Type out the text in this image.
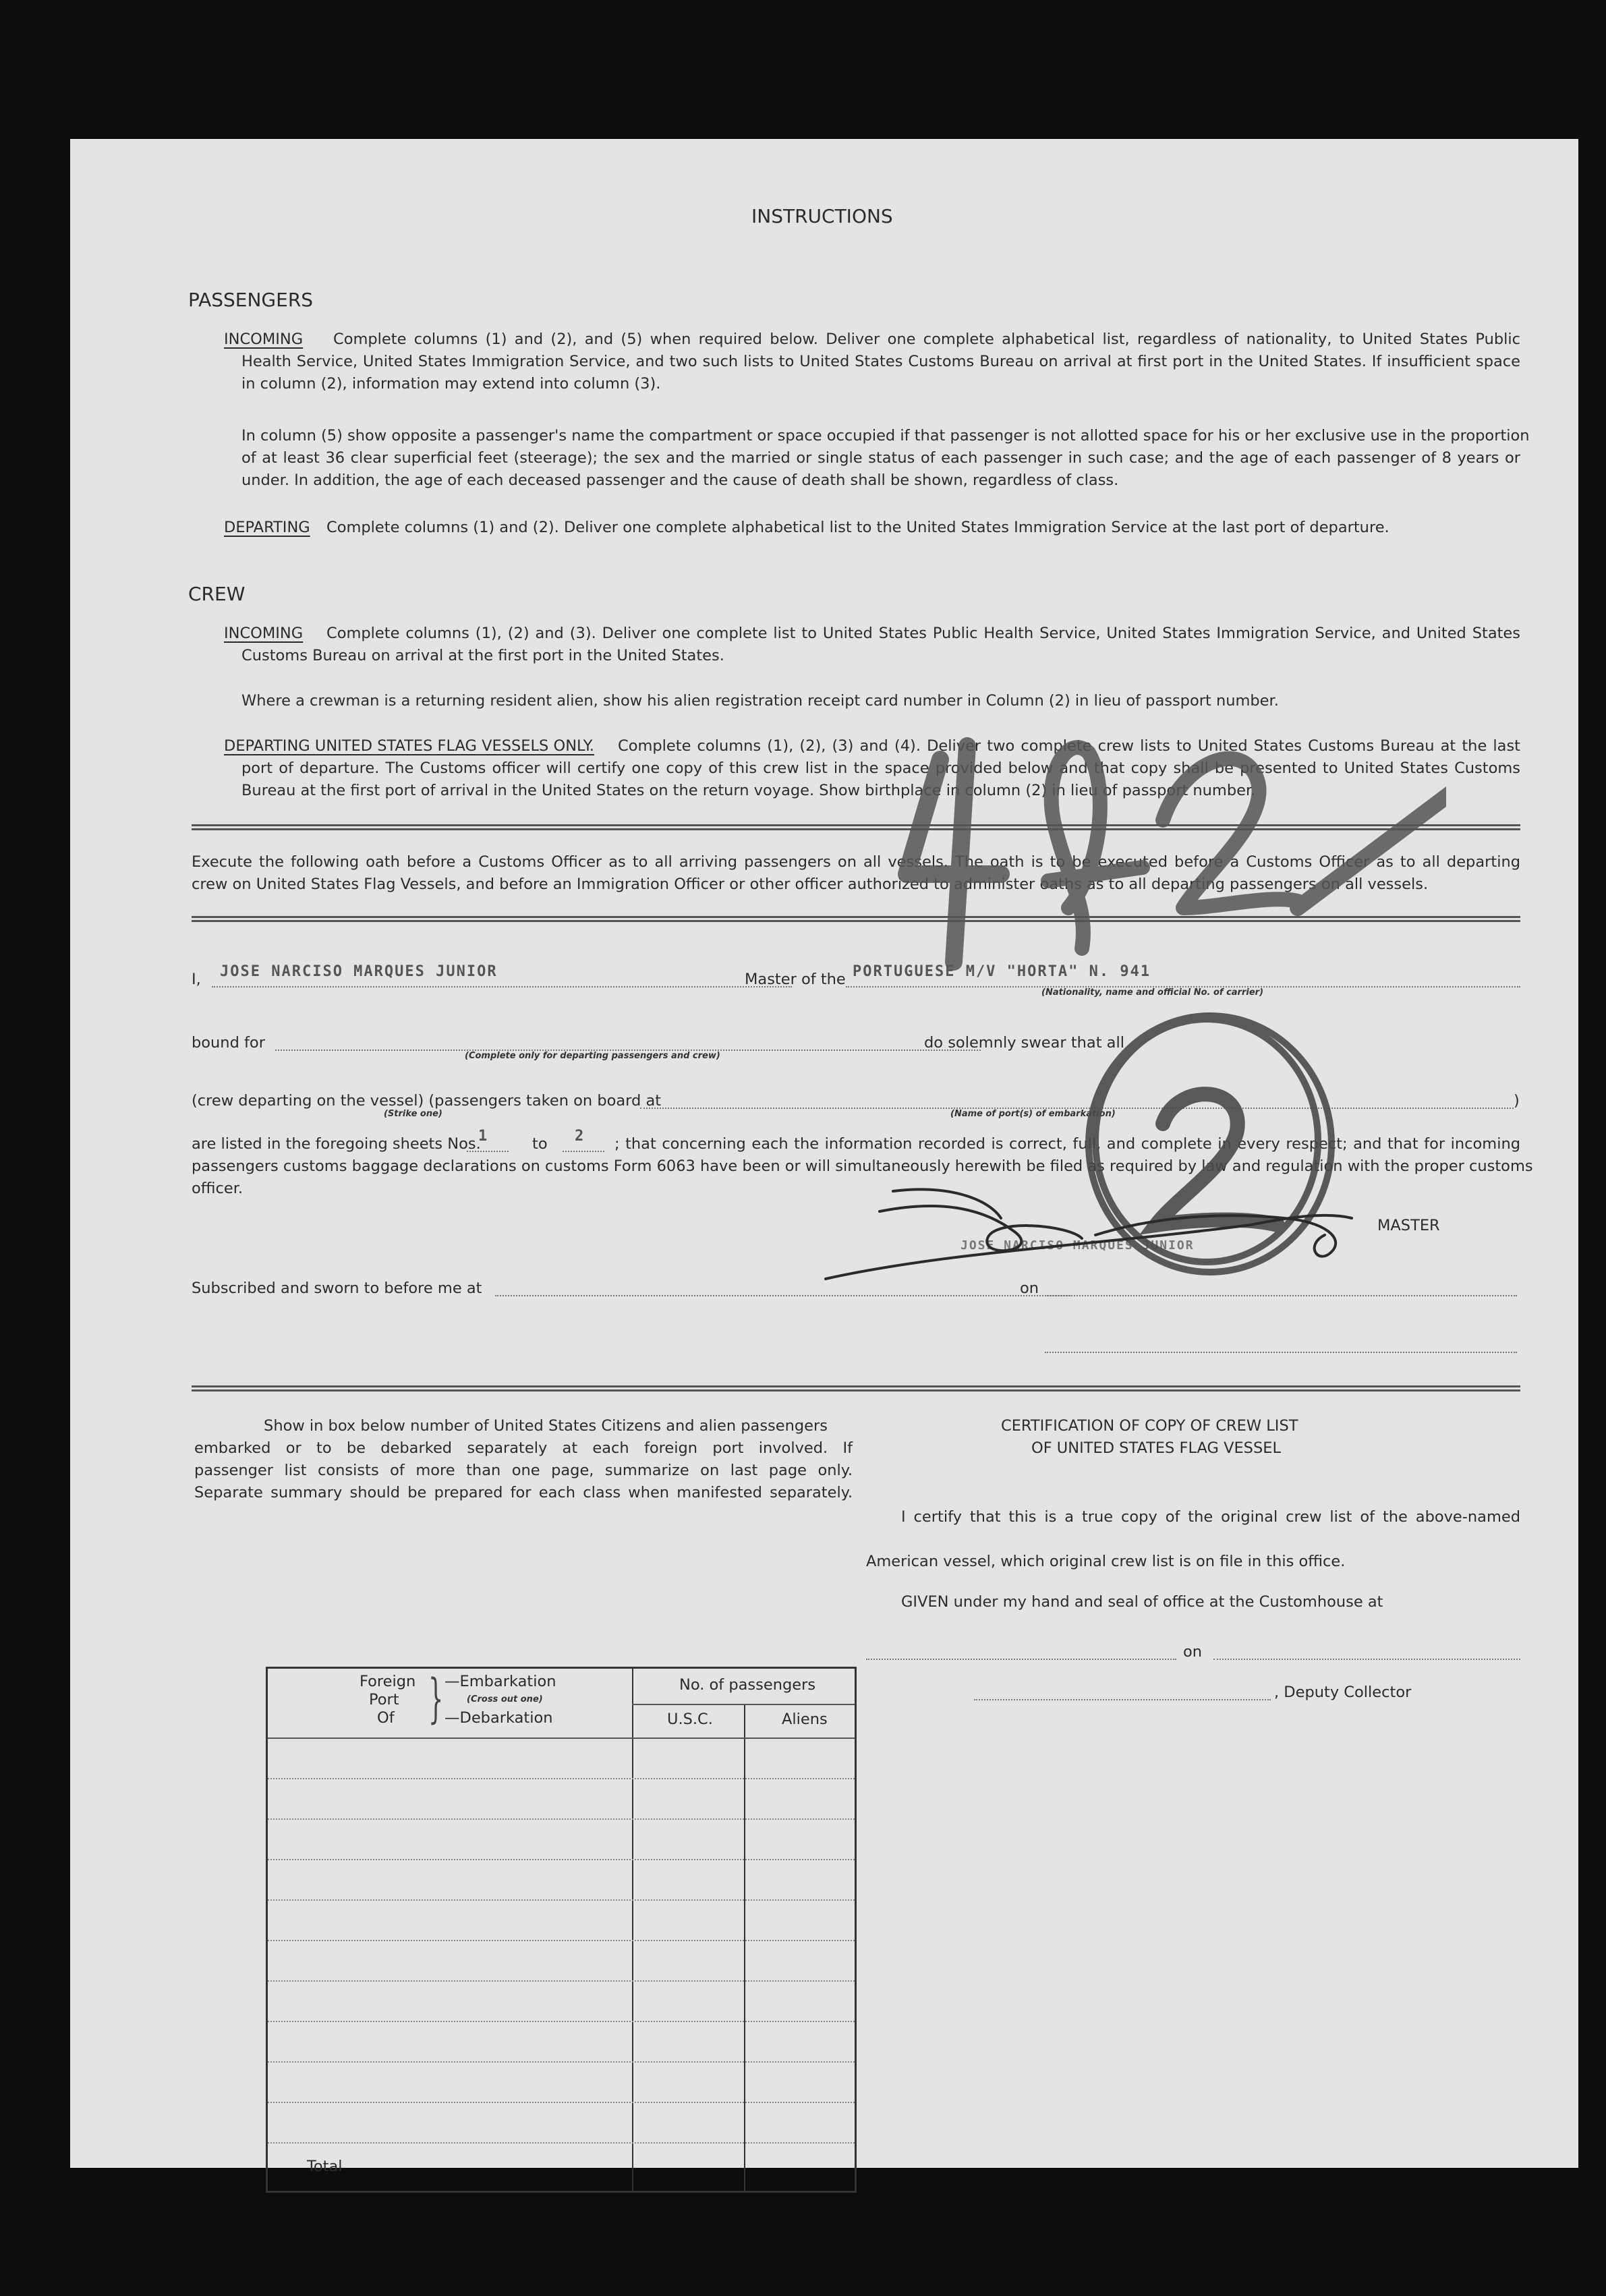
INSTRUCTIONS
PASSENGERS
INCOMING Complete columns (1) and (2), and (5) when required below. Deliver one complete alphabetical list, regardless of nationality, to United States Public
Health Service, United States Immigration Service, and two such lists to United States Customs Bureau on arrival at first port in the United States. If insufficient space
in column (2), information may extend into column (3).
In column (5) show opposite a passenger's name the compartment or space occupied if that passenger is not allotted space for his or her exclusive use in the proportion
of at least 36 clear superficial feet (steerage); the sex and the married or single status of each passenger in such case; and the age of each passenger of 8 years or
under. In addition, the age of each deceased passenger and the cause of death shall be shown, regardless of class.
DEPARTING Complete columns (1) and (2). Deliver one complete alphabetical list to the United States Immigration Service at the last port of departure.
CREW
INCOMING Complete columns (1), (2) and (3). Deliver one complete list to United States Public Health Service, United States Immigration Service, and United States
Customs Bureau on arrival at the first port in the United States.
Where a crewman is a returning resident alien, show his alien registration receipt card number in Column (2) in lieu of passport number.
DEPARTING UNITED STATES FLAG VESSELS ONLY. Complete columns (1), (2), (3) and (4). Deliver two complete crew lists to United States Customs Bureau at the last
port of departure. The Customs officer will certify one copy of this crew list in the space provided below and that copy shall be presented to United States Customs
Bureau at the first port of arrival in the United States on the return voyage. Show birthplace in column (2) in lieu of passport number.
Execute the following oath before a Customs Officer as to all arriving passengers on all vessels. The oath is to be executed before a Customs Officer as to all departing
crew on United States Flag Vessels, and before an Immigration Officer or other officer authorized to administer oaths as to all departing passengers on all vessels.
I, JOSE NARCISO MARQUES JUNIOR	Master of the PORTUGUESE M/V "HORTA" N. 941
(Nationality, name and official No. of carrier)
bound for
(Complete only for departing passengers and crew)
do solemnly swear that all
(crew departing on the vessel) (passengers taken on board at	)
(Strike one)	(Name of port(s) of embarkation)
are listed in the foregoing sheets Nos.
1	to 2 ; that concerning each the information recorded is correct, full, and complete in every respect; and that for incoming
passengers customs baggage declarations on customs Form 6063 have been or will simultaneously herewith be filed as required by law and regulation with the proper customs
officer.
JOSE NARCISO MARQUES JUNIOR
MASTER
Subscribed and sworn to before me at	on
Show in box below number of United States Citizens and alien passengers
embarked or to be debarked separately at each foreign port involved. If
passenger list consists of more than one page, summarize on last page only.
Separate summary should be prepared for each class when manifested separately.
Foreign
Port
Of } —Embarkation
(Cross out one)
—Debarkation
No. of passengers
U.S.C.	Aliens
Total
CERTIFICATION OF COPY OF CREW LIST
OF UNITED STATES FLAG VESSEL
I certify that this is a true copy of the original crew list of the above-named
American vessel, which original crew list is on file in this office.
GIVEN under my hand and seal of office at the Customhouse at
on
, Deputy Collector
